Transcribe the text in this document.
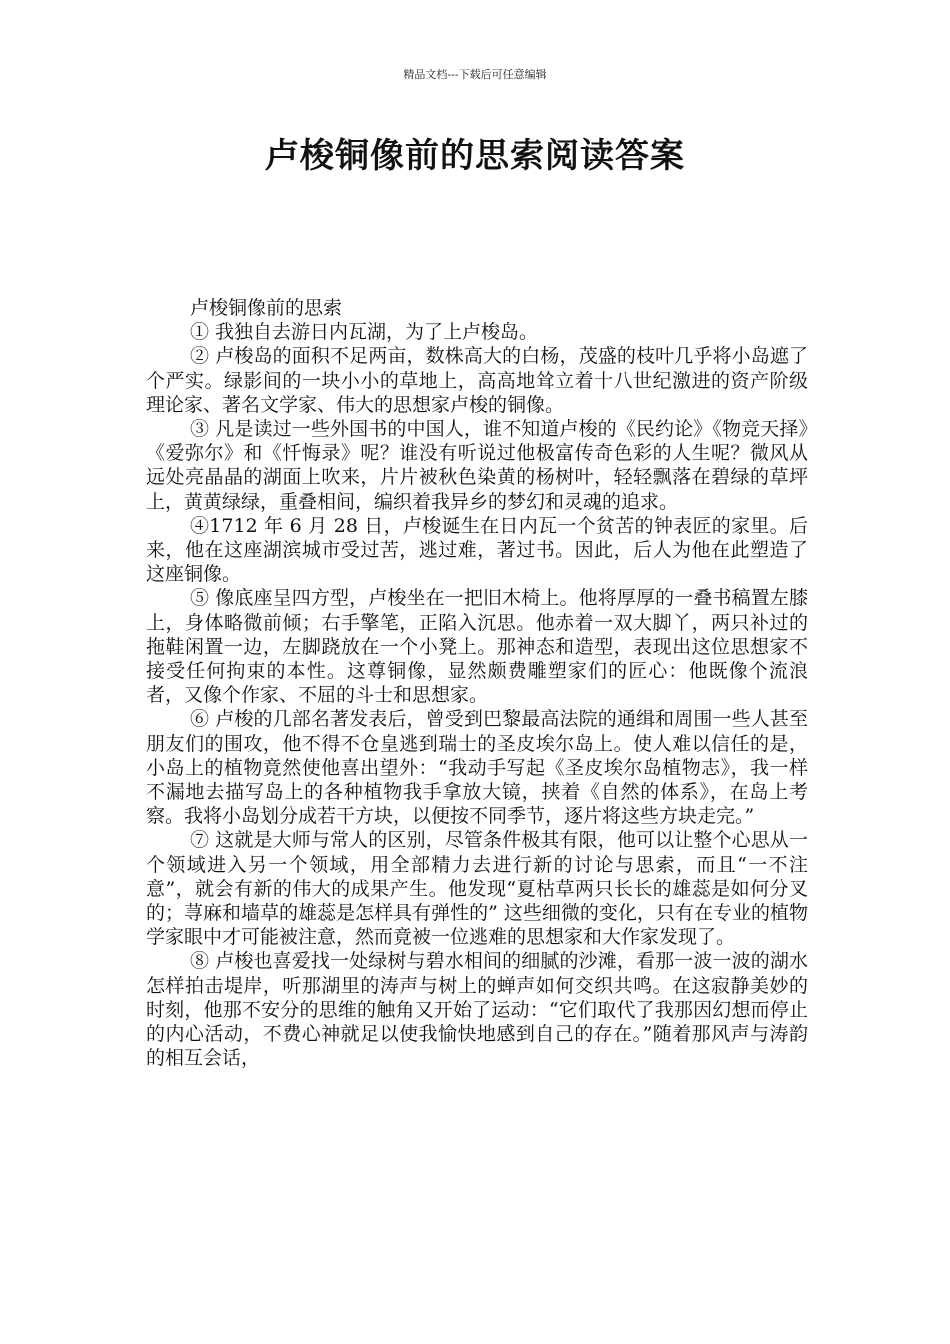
精品文档---下载后可任意编辑
卢梭铜像前的思索阅读答案

卢梭铜像前的思索

① 我独自去游日内瓦湖，为了上卢梭岛。

② 卢梭岛的面积不足两亩，数株高大的白杨，茂盛的枝叶几乎将小岛遮了个严实。绿影间的一块小小的草地上，高高地耸立着十八世纪激进的资产阶级理论家、著名文学家、伟大的思想家卢梭的铜像。

③ 凡是读过一些外国书的中国人，谁不知道卢梭的《民约论》《物竞天择》《爱弥尔》和《忏悔录》呢？谁没有听说过他极富传奇色彩的人生呢？微风从远处亮晶晶的湖面上吹来，片片被秋色染黄的杨树叶，轻轻飘落在碧绿的草坪上，黄黄绿绿，重叠相间，编织着我异乡的梦幻和灵魂的追求。

④1712 年 6 月 28 日，卢梭诞生在日内瓦一个贫苦的钟表匠的家里。后来，他在这座湖滨城市受过苦，逃过难，著过书。因此，后人为他在此塑造了这座铜像。

⑤ 像底座呈四方型，卢梭坐在一把旧木椅上。他将厚厚的一叠书稿置左膝上，身体略微前倾；右手擎笔，正陷入沉思。他赤着一双大脚丫，两只补过的拖鞋闲置一边，左脚跷放在一个小凳上。那神态和造型，表现出这位思想家不接受任何拘束的本性。这尊铜像，显然颇费雕塑家们的匠心：他既像个流浪者，又像个作家、不屈的斗士和思想家。

⑥ 卢梭的几部名著发表后，曾受到巴黎最高法院的通缉和周围一些人甚至朋友们的围攻，他不得不仓皇逃到瑞士的圣皮埃尔岛上。使人难以信任的是，小岛上的植物竟然使他喜出望外：“我动手写起《圣皮埃尔岛植物志》，我一样不漏地去描写岛上的各种植物我手拿放大镜，挟着《自然的体系》，在岛上考察。我将小岛划分成若干方块，以便按不同季节，逐片将这些方块走完。”

⑦ 这就是大师与常人的区别，尽管条件极其有限，他可以让整个心思从一个领域进入另一个领域，用全部精力去进行新的讨论与思索，而且“一不注意”，就会有新的伟大的成果产生。他发现“夏枯草两只长长的雄蕊是如何分叉的；荨麻和墙草的雄蕊是怎样具有弹性的” 这些细微的变化，只有在专业的植物学家眼中才可能被注意，然而竟被一位逃难的思想家和大作家发现了。

⑧ 卢梭也喜爱找一处绿树与碧水相间的细腻的沙滩，看那一波一波的湖水怎样拍击堤岸，听那湖里的涛声与树上的蝉声如何交织共鸣。在这寂静美妙的时刻，他那不安分的思维的触角又开始了运动：“它们取代了我那因幻想而停止的内心活动，不费心神就足以使我愉快地感到自己的存在。”随着那风声与涛韵的相互会话，
